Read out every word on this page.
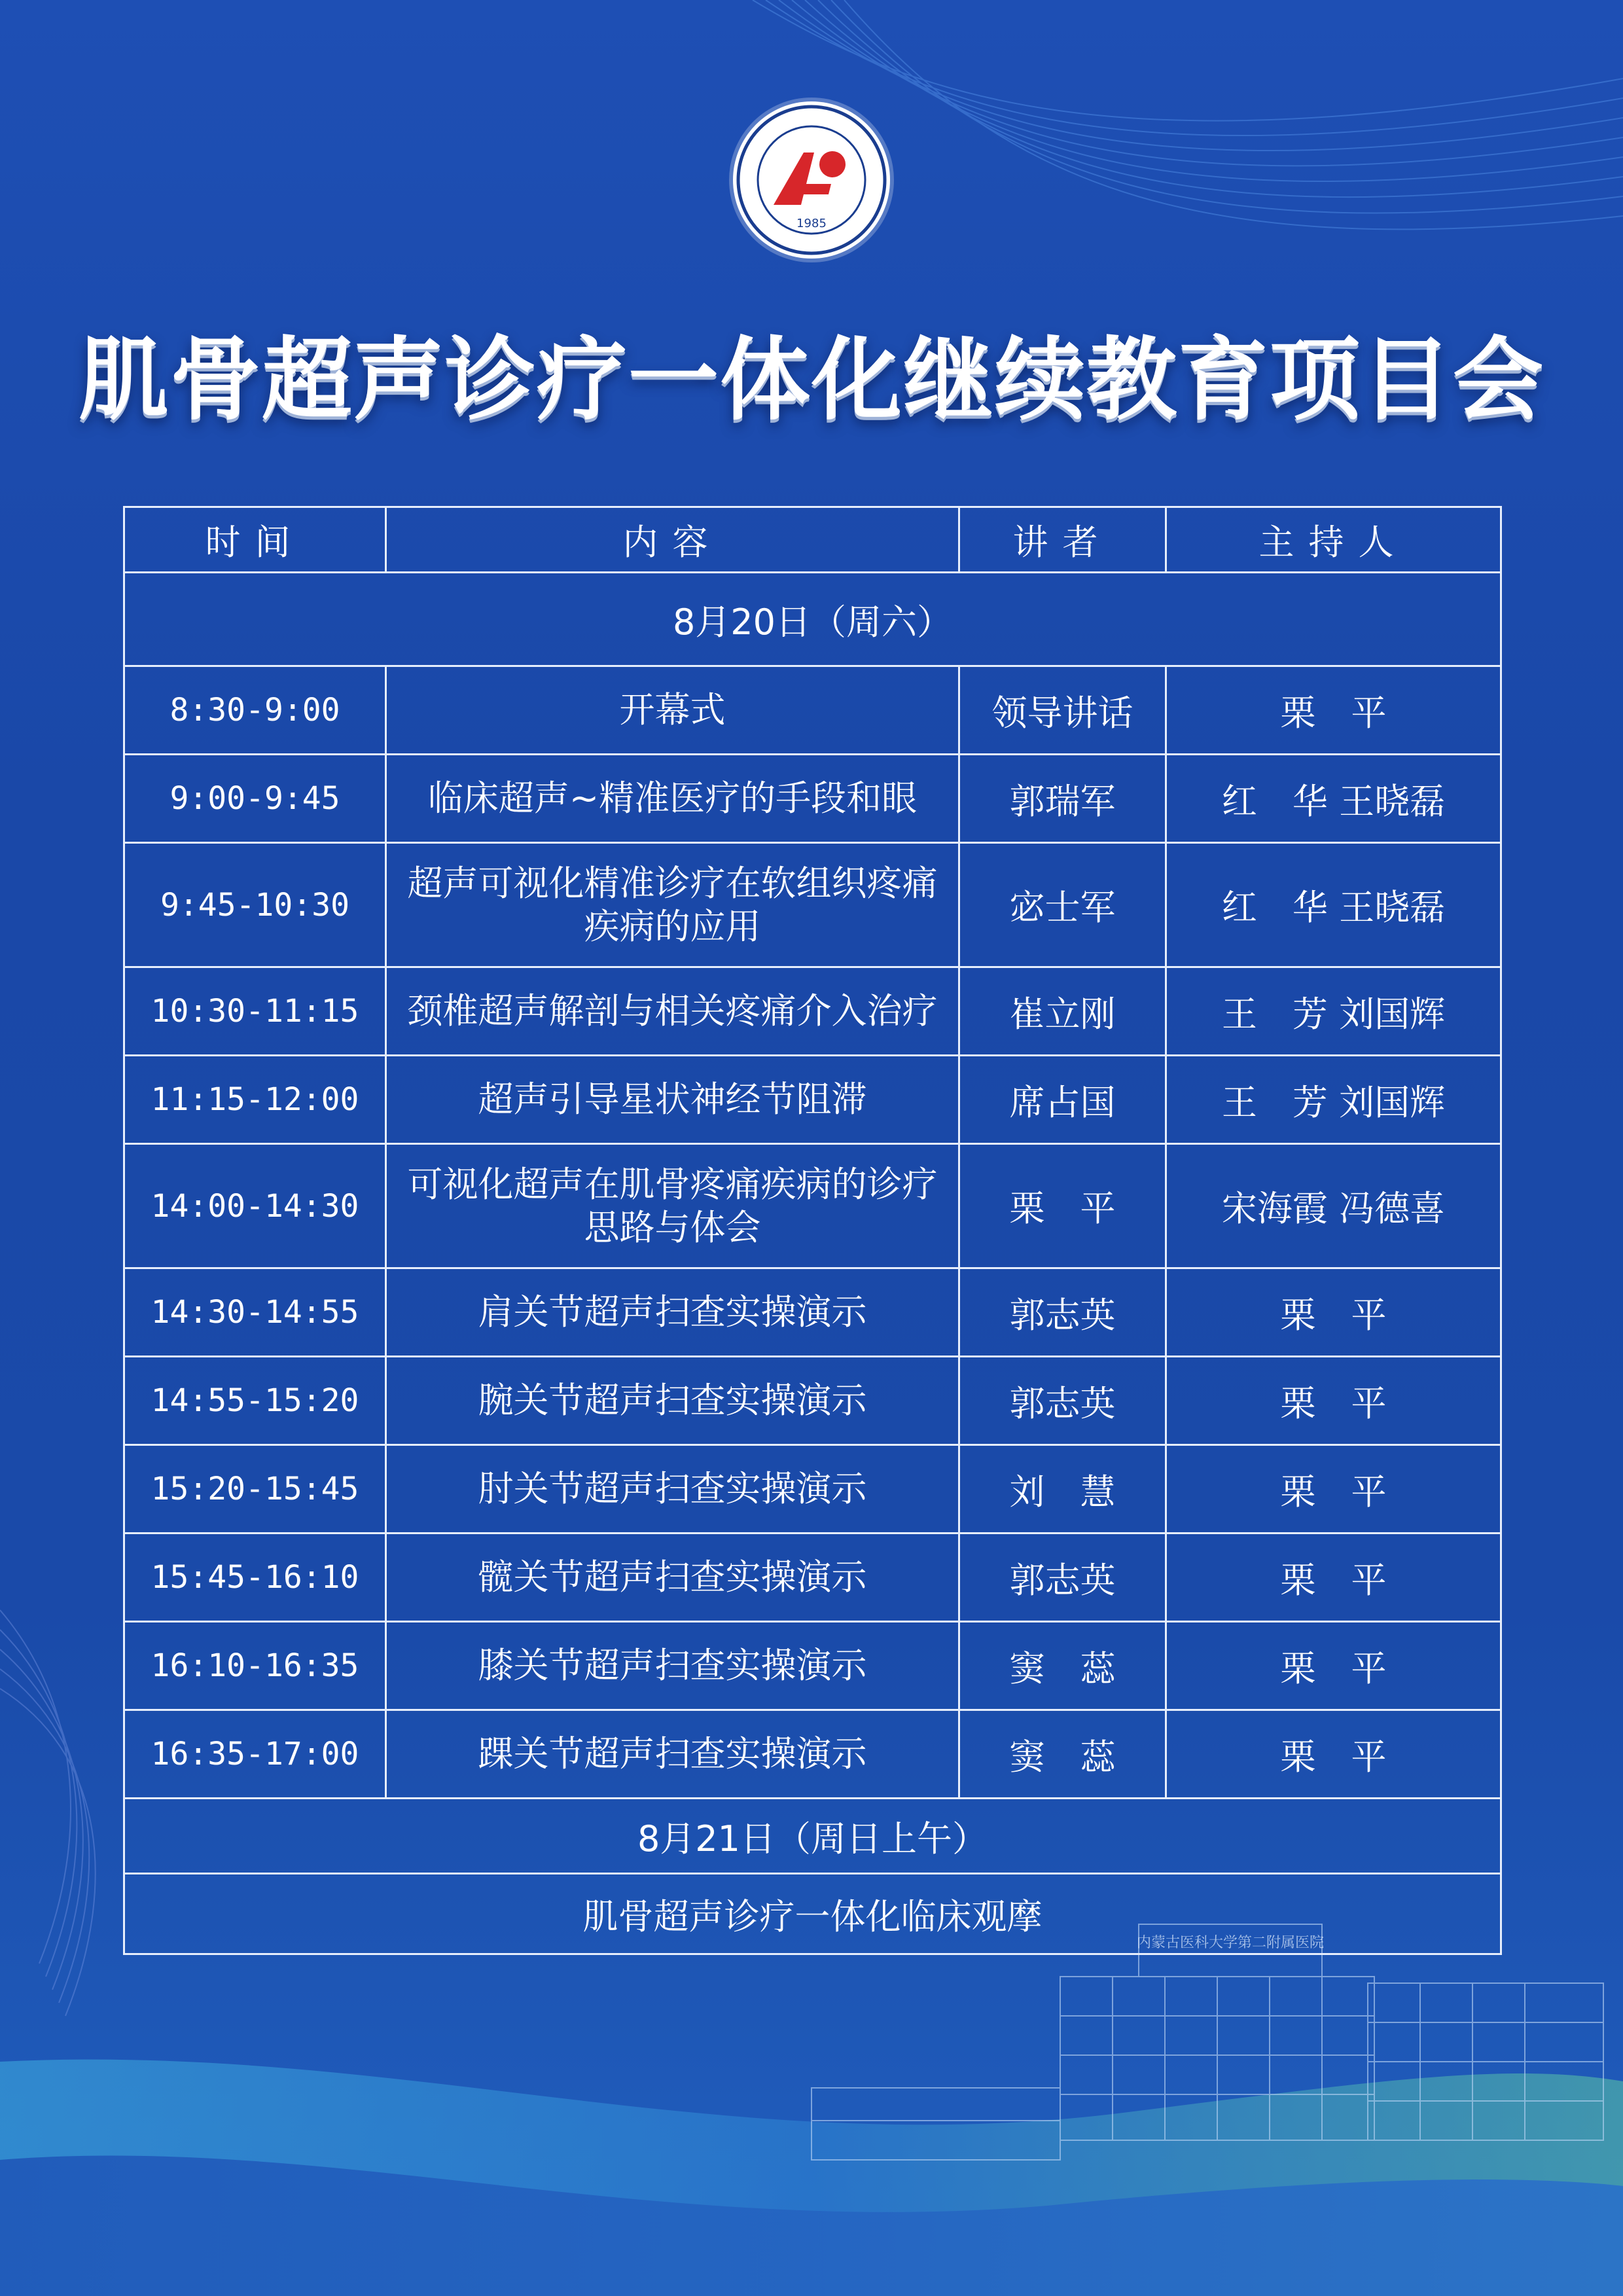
内蒙古医科大学第二附属医院
1985
肌骨超声诊疗一体化继续教育项目会
时间	内容	讲者	主持人
8月20日（周六）			
8:30-9:00	开幕式	领导讲话	栗　平
9:00-9:45	临床超声~精准医疗的手段和眼	郭瑞军	红　华 王晓磊
9:45-10:30	超声可视化精准诊疗在软组织疼痛疾病的应用	宓士军	红　华 王晓磊
10:30-11:15	颈椎超声解剖与相关疼痛介入治疗	崔立刚	王　芳 刘国辉
11:15-12:00	超声引导星状神经节阻滞	席占国	王　芳 刘国辉
14:00-14:30	可视化超声在肌骨疼痛疾病的诊疗思路与体会	栗　平	宋海霞 冯德喜
14:30-14:55	肩关节超声扫查实操演示	郭志英	栗　平
14:55-15:20	腕关节超声扫查实操演示	郭志英	栗　平
15:20-15:45	肘关节超声扫查实操演示	刘　慧	栗　平
15:45-16:10	髋关节超声扫查实操演示	郭志英	栗　平
16:10-16:35	膝关节超声扫查实操演示	窦　蕊	栗　平
16:35-17:00	踝关节超声扫查实操演示	窦　蕊	栗　平
8月21日（周日上午）			
肌骨超声诊疗一体化临床观摩			
